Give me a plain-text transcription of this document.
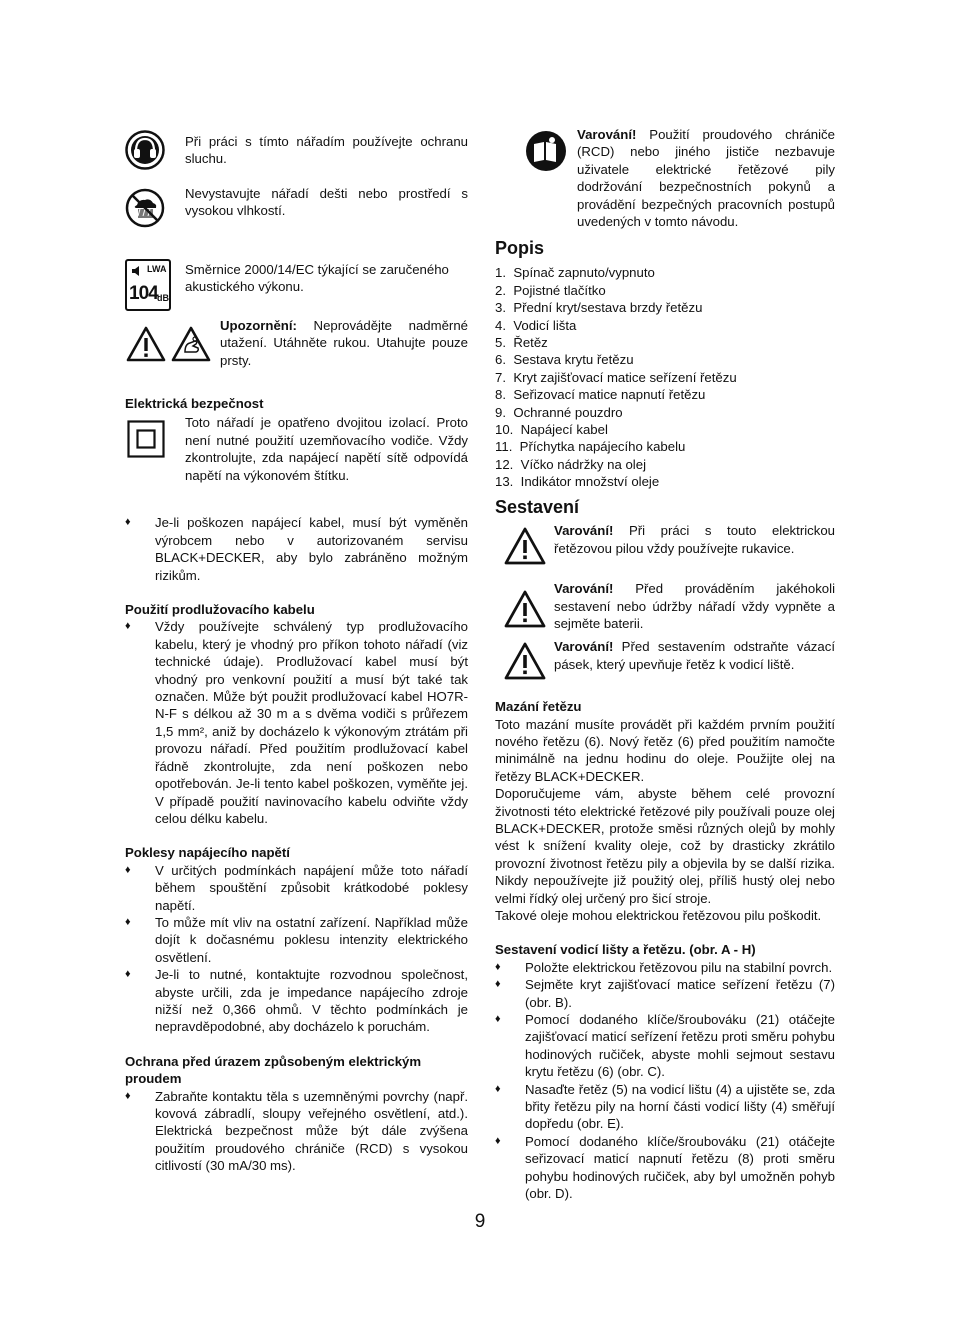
Při práci s tímto nářadím používejte ochranu sluchu.
Nevystavujte nářadí dešti nebo prostředí s vysokou vlhkostí.
LWA
104 dB
Směrnice 2000/14/EC týkající se zaručeného akustického výkonu.
Upozornění: Neprovádějte nadměrné utažení. Utáhněte rukou. Utahujte pouze prsty.
Elektrická bezpečnost
Toto nářadí je opatřeno dvojitou izolací. Proto není nutné použití uzemňovacího vodiče. Vždy zkontrolujte, zda napájecí napětí sítě odpovídá napětí na výkonovém štítku.
♦ Je-li poškozen napájecí kabel, musí být vyměněn výrobcem nebo v autorizovaném servisu BLACK+DECKER, aby bylo zabráněno možným rizikům.
Použití prodlužovacího kabelu
♦ Vždy používejte schválený typ prodlužovacího kabelu, který je vhodný pro příkon tohoto nářadí (viz technické údaje). Prodlužovací kabel musí být vhodný pro venkovní použití a musí být také tak označen. Může být použit prodlužovací kabel HO7R-N-F s délkou až 30 m a s dvěma vodiči s průřezem 1,5 mm², aniž by docházelo k výkonovým ztrátám při provozu nářadí. Před použitím prodlužovací kabel řádně zkontrolujte, zda není poškozen nebo opotřebován. Je-li tento kabel poškozen, vyměňte jej. V případě použití navinovacího kabelu odviňte vždy celou délku kabelu.
Poklesy napájecího napětí
♦ V určitých podmínkách napájení může toto nářadí během spouštění způsobit krátkodobé poklesy napětí.
♦ To může mít vliv na ostatní zařízení. Například může dojít k dočasnému poklesu intenzity elektrického osvětlení.
♦ Je-li to nutné, kontaktujte rozvodnou společnost, abyste určili, zda je impedance napájecího zdroje nižší než 0,366 ohmů. V těchto podmínkách je nepravděpodobné, aby docházelo k poruchám.
Ochrana před úrazem způsobeným elektrickým proudem
♦ Zabraňte kontaktu těla s uzemněnými povrchy (např. kovová zábradlí, sloupy veřejného osvětlení, atd.). Elektrická bezpečnost může být dále zvýšena použitím proudového chrániče (RCD) s vysokou citlivostí (30 mA/30 ms).
Varování! Použití proudového chrániče (RCD) nebo jiného jističe nezbavuje uživatele elektrické řetězové pily dodržování bezpečnostních pokynů a provádění bezpečných pracovních postupů uvedených v tomto návodu.
Popis
1.  Spínač zapnuto/vypnuto
2.  Pojistné tlačítko
3.  Přední kryt/sestava brzdy řetězu
4.  Vodicí lišta
5.  Řetěz
6.  Sestava krytu řetězu
7.  Kryt zajišťovací matice seřízení řetězu
8.  Seřizovací matice napnutí řetězu
9.  Ochranné pouzdro
10.  Napájecí kabel
11.  Příchytka napájecího kabelu
12.  Víčko nádržky na olej
13.  Indikátor množství oleje
Sestavení
Varování! Při práci s touto elektrickou řetězovou pilou vždy používejte rukavice.
Varování! Před prováděním jakéhokoli sestavení nebo údržby nářadí vždy vypněte a sejměte baterii.
Varování! Před sestavením odstraňte vázací pásek, který upevňuje řetěz k vodicí liště.
Mazání řetězu
Toto mazání musíte provádět při každém prvním použití nového řetězu (6). Nový řetěz (6) před použitím namočte minimálně na jednu hodinu do oleje. Použijte olej na řetězy BLACK+DECKER.
Doporučujeme vám, abyste během celé provozní životnosti této elektrické řetězové pily používali pouze olej BLACK+DECKER, protože směsi různých olejů by mohly vést k snížení kvality oleje, což by drasticky zkrátilo provozní životnost řetězu pily a objevila by se další rizika. Nikdy nepoužívejte již použitý olej, příliš hustý olej nebo velmi řídký olej určený pro šicí stroje.
Takové oleje mohou elektrickou řetězovou pilu poškodit.
Sestavení vodicí lišty a řetězu. (obr. A - H)
♦ Položte elektrickou řetězovou pilu na stabilní povrch.
♦ Sejměte kryt zajišťovací matice seřízení řetězu (7) (obr. B).
♦ Pomocí dodaného klíče/šroubováku (21) otáčejte zajišťovací maticí seřízení řetězu proti směru pohybu hodinových ručiček, abyste mohli sejmout sestavu krytu řetězu (6) (obr. C).
♦ Nasaďte řetěz (5) na vodicí lištu (4) a ujistěte se, zda břity řetězu pily na horní části vodicí lišty (4) směřují dopředu (obr. E).
♦ Pomocí dodaného klíče/šroubováku (21) otáčejte seřizovací maticí napnutí řetězu (8) proti směru pohybu hodinových ručiček, aby byl umožněn pohyb (obr. D).
9
